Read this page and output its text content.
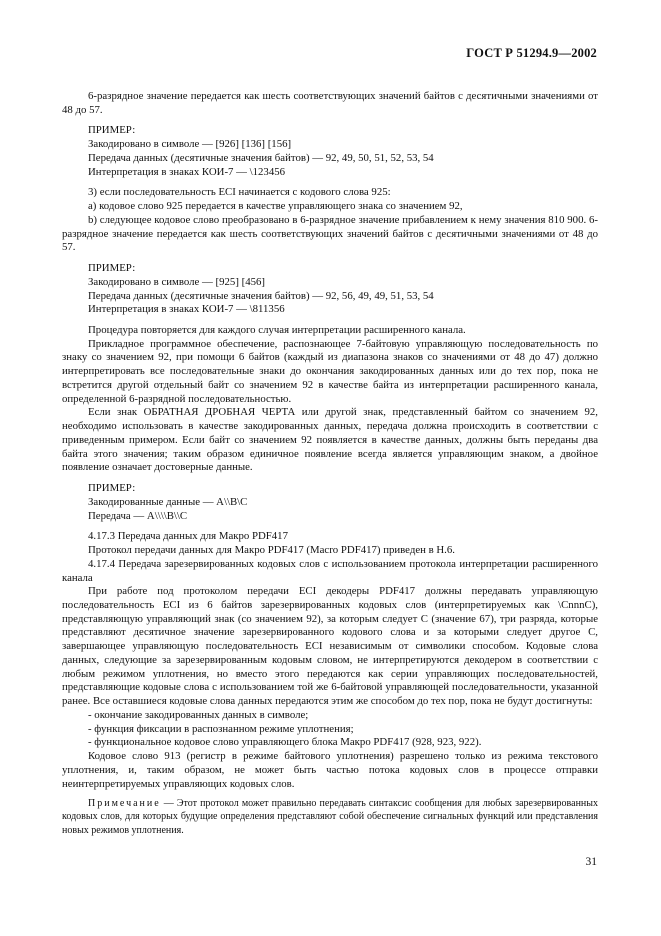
ГОСТ Р 51294.9—2002

6-разрядное значение передается как шесть соответствующих значений байтов с десятичными значениями от 48 до 57.

ПРИМЕР:

Закодировано в символе — [926] [136] [156]

Передача данных (десятичные значения байтов) — 92, 49, 50, 51, 52, 53, 54

Интерпретация в знаках КОИ-7 — \123456

3) если последовательность ECI начинается с кодового слова 925:

a) кодовое слово 925 передается в качестве управляющего знака со значением 92,

b) следующее кодовое слово преобразовано в 6-разрядное значение прибавлением к нему значения 810 900. 6-разрядное значение передается как шесть соответствующих значений байтов с десятичными значениями от 48 до 57.

ПРИМЕР:

Закодировано в символе — [925] [456]

Передача данных (десятичные значения байтов) — 92, 56, 49, 49, 51, 53, 54

Интерпретация в знаках КОИ-7 — \811356

Процедура повторяется для каждого случая интерпретации расширенного канала.

Прикладное программное обеспечение, распознающее 7-байтовую управляющую последовательность по знаку со значением 92, при помощи 6 байтов (каждый из диапазона знаков со значениями от 48 до 47) должно интерпретировать все последовательные знаки до окончания закодированных данных или до тех пор, пока не встретится другой отдельный байт со значением 92 в качестве байта из интерпретации расширенного канала, определенной 6-разрядной последовательностью.

Если знак ОБРАТНАЯ ДРОБНАЯ ЧЕРТА или другой знак, представленный байтом со значением 92, необходимо использовать в качестве закодированных данных, передача должна происходить в соответствии с приведенным примером. Если байт со значением 92 появляется в качестве данных, должны быть переданы два байта этого значения; таким образом единичное появление всегда является управляющим знаком, а двойное появление означает достоверные данные.

ПРИМЕР:

Закодированные данные — A\\B\C

Передача — A\\\\B\\C

4.17.3 Передача данных для Макро PDF417

Протокол передачи данных для Макро PDF417 (Macro PDF417) приведен в Н.6.

4.17.4 Передача зарезервированных кодовых слов с использованием протокола интерпретации расширенного канала

При работе под протоколом передачи ECI декодеры PDF417 должны передавать управляющую последовательность ECI из 6 байтов зарезервированных кодовых слов (интерпретируемых как \CnnnC), представляющую управляющий знак (со значением 92), за которым следует C (значение 67), три разряда, которые представляют десятичное значение зарезервированного кодового слова и за которыми следует другое C, завершающее управляющую последовательность ECI независимым от символики способом. Кодовые слова данных, следующие за зарезервированным кодовым словом, не интерпретируются декодером в соответствии с любым режимом уплотнения, но вместо этого передаются как серии управляющих последовательностей, представляющие кодовые слова с использованием той же 6-байтовой управляющей последовательности, указанной ранее. Все оставшиеся кодовые слова данных передаются этим же способом до тех пор, пока не будут достигнуты:

- окончание закодированных данных в символе;

- функция фиксации в распознанном режиме уплотнения;

- функциональное кодовое слово управляющего блока Макро PDF417 (928, 923, 922).

Кодовое слово 913 (регистр в режиме байтового уплотнения) разрешено только из режима текстового уплотнения, и, таким образом, не может быть частью потока кодовых слов в процессе отправки неинтерпретируемых управляющих кодовых слов.

Примечание — Этот протокол может правильно передавать синтаксис сообщения для любых зарезервированных кодовых слов, для которых будущие определения представляют собой обеспечение сигнальных функций или представления новых режимов уплотнения.

31
